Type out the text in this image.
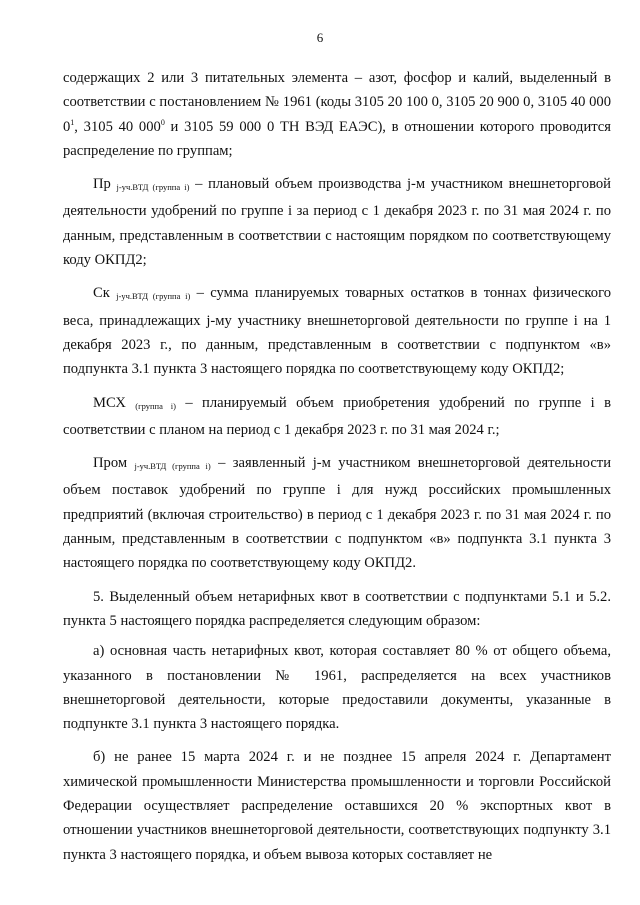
6

содержащих 2 или 3 питательных элемента – азот, фосфор и калий, выделенный в соответствии с постановлением № 1961 (коды 3105 20 100 0, 3105 20 900 0, 3105 40 000 $0^1$, 3105 40 $000^0$ и 3105 59 000 0 ТН ВЭД ЕАЭС), в отношении которого проводится распределение по группам;

Пр $_{j-уч.ВТД (группа i)}$ – плановый объем производства j-м участником внешнеторговой деятельности удобрений по группе i за период с 1 декабря 2023 г. по 31 мая 2024 г. по данным, представленным в соответствии с настоящим порядком по соответствующему коду ОКПД2;

Ск $_{j-уч.ВТД (группа i)}$ – сумма планируемых товарных остатков в тоннах физического веса, принадлежащих j-му участнику внешнеторговой деятельности по группе i на 1 декабря 2023 г., по данным, представленным в соответствии с подпунктом «в» подпункта 3.1 пункта 3 настоящего порядка по соответствующему коду ОКПД2;

МСХ $_{(группа i)}$ – планируемый объем приобретения удобрений по группе i в соответствии с планом на период с 1 декабря 2023 г. по 31 мая 2024 г.;

Пром $_{j-уч.ВТД (группа i)}$ – заявленный j-м участником внешнеторговой деятельности объем поставок удобрений по группе i для нужд российских промышленных предприятий (включая строительство) в период с 1 декабря 2023 г. по 31 мая 2024 г. по данным, представленным в соответствии с подпунктом «в» подпункта 3.1 пункта 3 настоящего порядка по соответствующему коду ОКПД2.

5. Выделенный объем нетарифных квот в соответствии с подпунктами 5.1 и 5.2. пункта 5 настоящего порядка распределяется следующим образом:

а) основная часть нетарифных квот, которая составляет 80 % от общего объема, указанного в постановлении № 1961, распределяется на всех участников внешнеторговой деятельности, которые предоставили документы, указанные в подпункте 3.1 пункта 3 настоящего порядка.

б) не ранее 15 марта 2024 г. и не позднее 15 апреля 2024 г. Департамент химической промышленности Министерства промышленности и торговли Российской Федерации осуществляет распределение оставшихся 20 % экспортных квот в отношении участников внешнеторговой деятельности, соответствующих подпункту 3.1 пункта 3 настоящего порядка, и объем вывоза которых составляет не
